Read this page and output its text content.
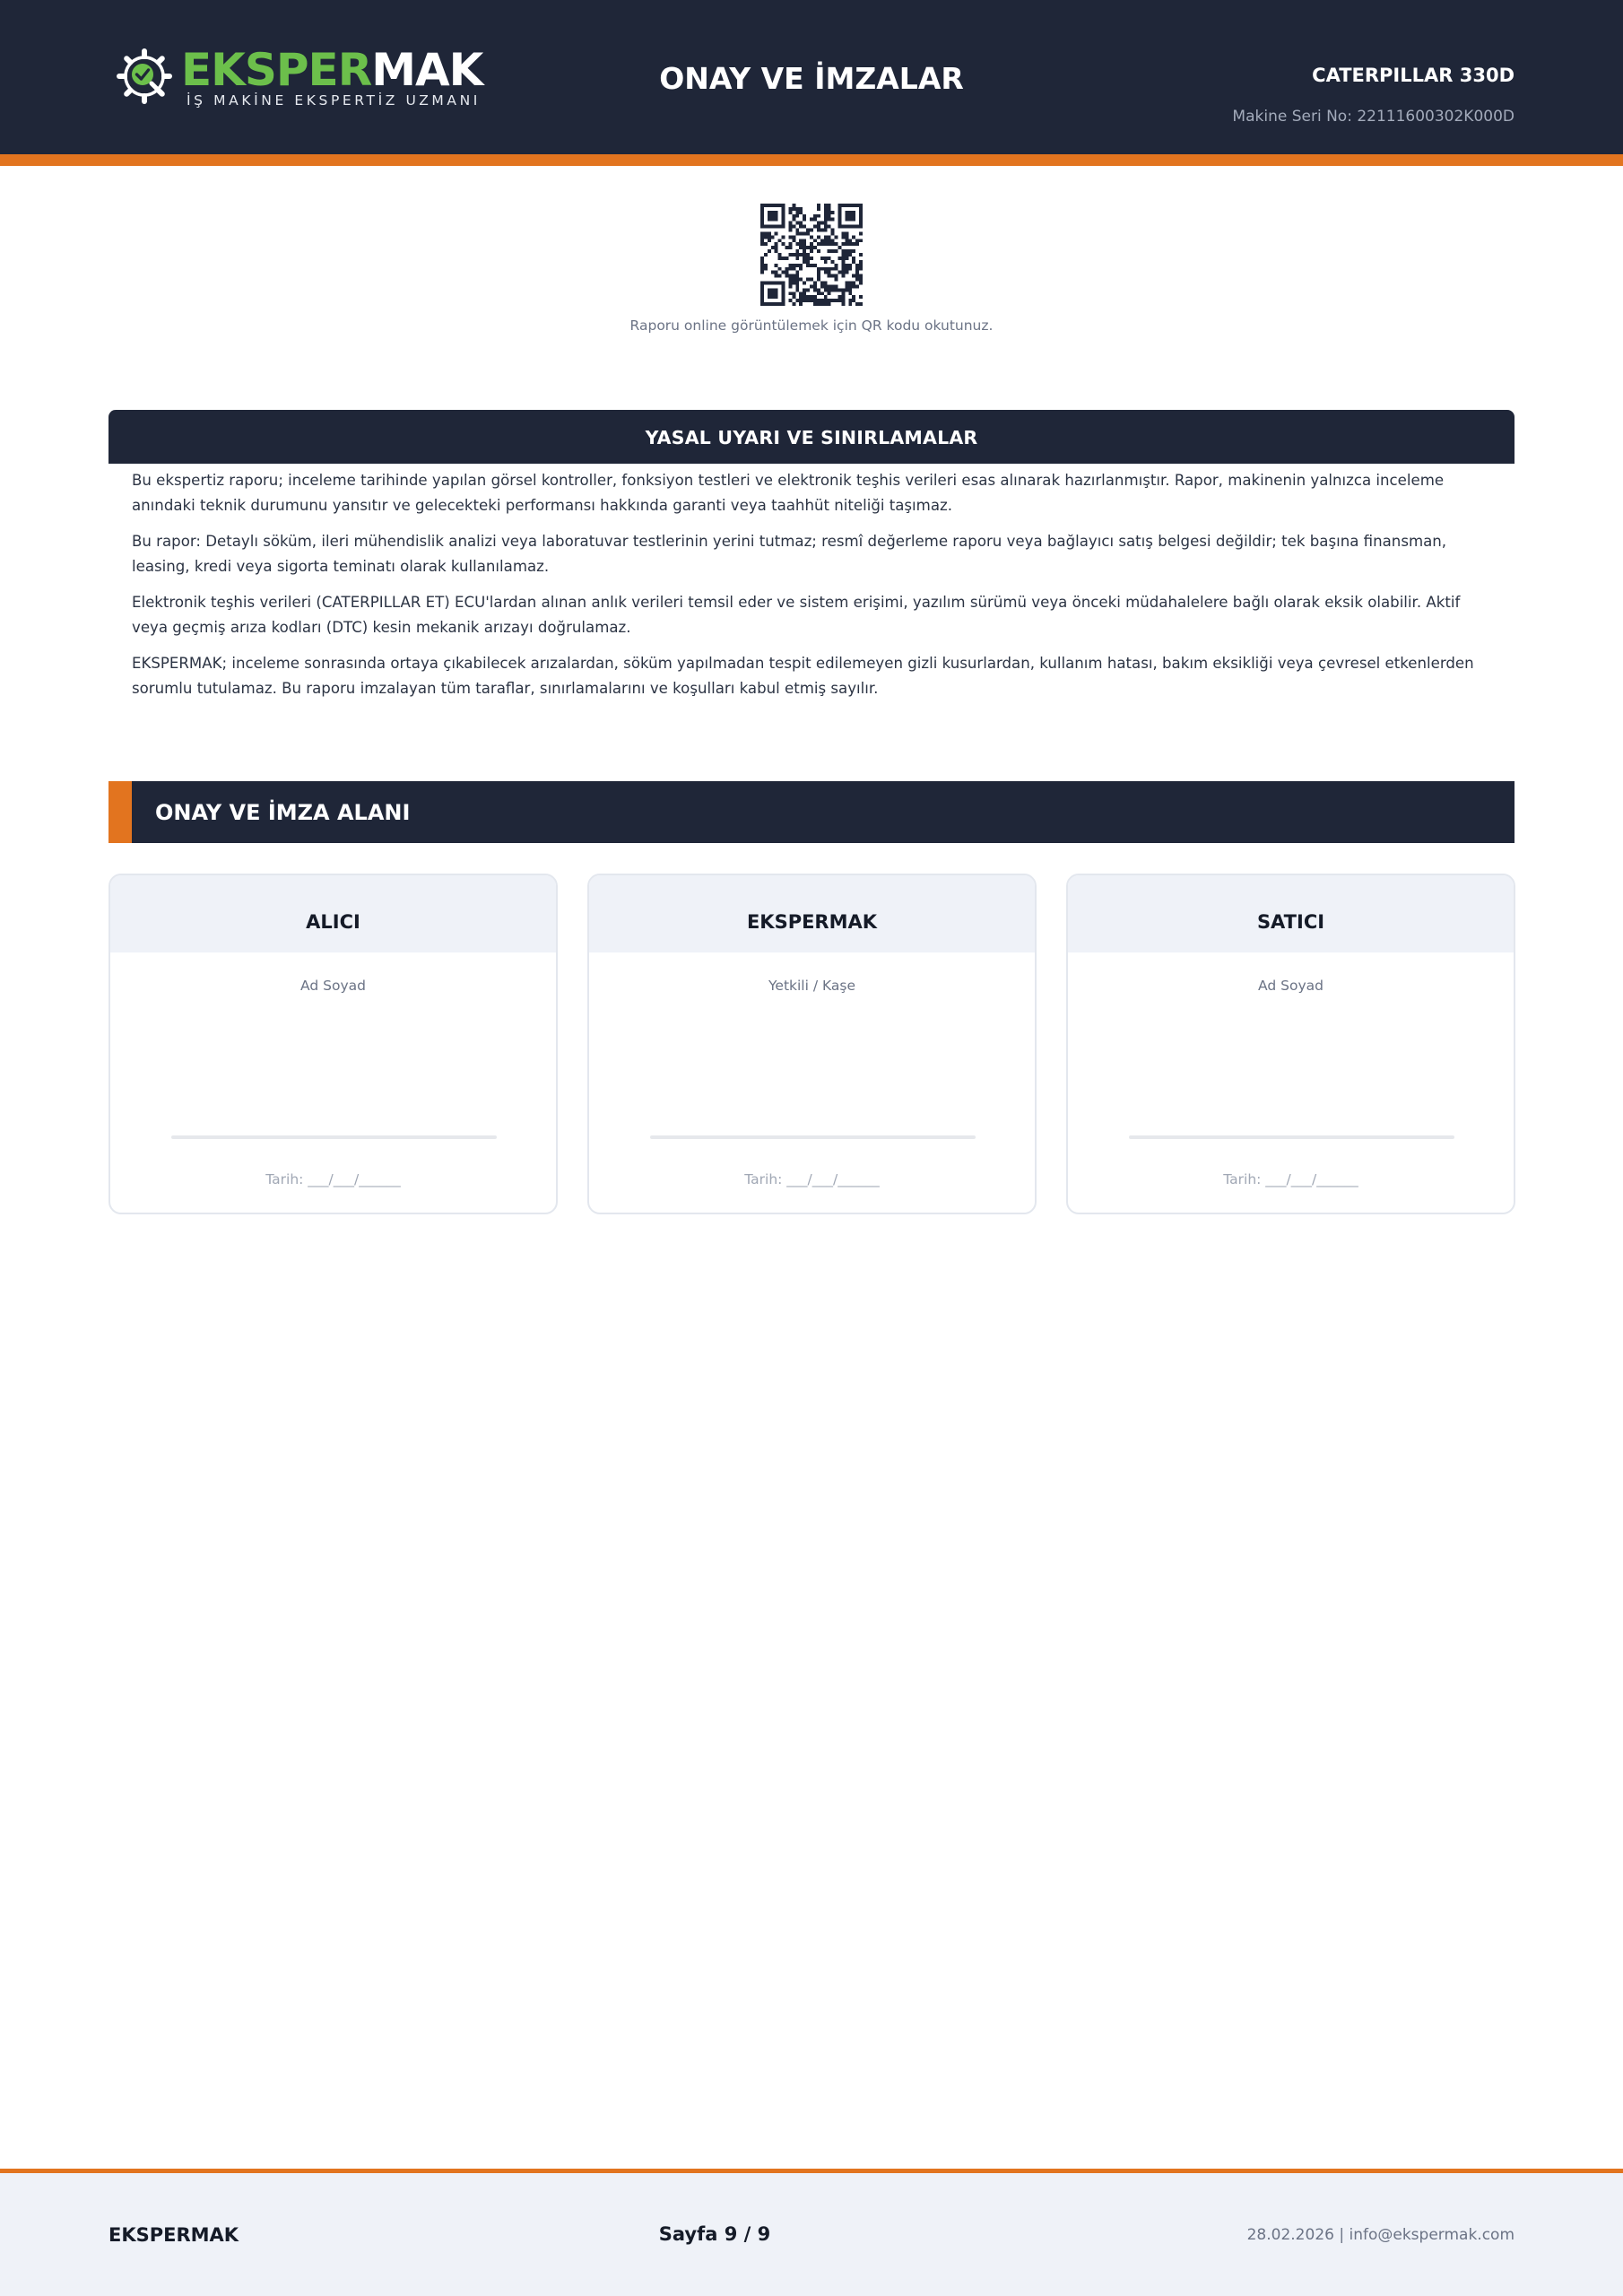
EKSPERMAK
İŞ MAKİNE EKSPERTİZ UZMANI
ONAY VE İMZALAR	CATERPILLAR 330D
Makine Seri No: 22111600302K000D
Raporu online görüntülemek için QR kodu okutunuz.
YASAL UYARI VE SINIRLAMALAR

Bu ekspertiz raporu; inceleme tarihinde yapılan görsel kontroller, fonksiyon testleri ve elektronik teşhis verileri esas alınarak hazırlanmıştır. Rapor, makinenin yalnızca inceleme anındaki teknik durumunu yansıtır ve gelecekteki performansı hakkında garanti veya taahhüt niteliği taşımaz.

Bu rapor: Detaylı söküm, ileri mühendislik analizi veya laboratuvar testlerinin yerini tutmaz; resmî değerleme raporu veya bağlayıcı satış belgesi değildir; tek başına finansman, leasing, kredi veya sigorta teminatı olarak kullanılamaz.

Elektronik teşhis verileri (CATERPILLAR ET) ECU'lardan alınan anlık verileri temsil eder ve sistem erişimi, yazılım sürümü veya önceki müdahalelere bağlı olarak eksik olabilir. Aktif veya geçmiş arıza kodları (DTC) kesin mekanik arızayı doğrulamaz.

EKSPERMAK; inceleme sonrasında ortaya çıkabilecek arızalardan, söküm yapılmadan tespit edilemeyen gizli kusurlardan, kullanım hatası, bakım eksikliği veya çevresel etkenlerden sorumlu tutulamaz. Bu raporu imzalayan tüm taraflar, sınırlamalarını ve koşulları kabul etmiş sayılır.

ONAY VE İMZA ALANI
ALICI
Ad Soyad
Tarih: ___/___/______
EKSPERMAK
Yetkili / Kaşe
Tarih: ___/___/______
SATICI
Ad Soyad
Tarih: ___/___/______
EKSPERMAK	Sayfa 9 / 9	28.02.2026 | info@ekspermak.com
